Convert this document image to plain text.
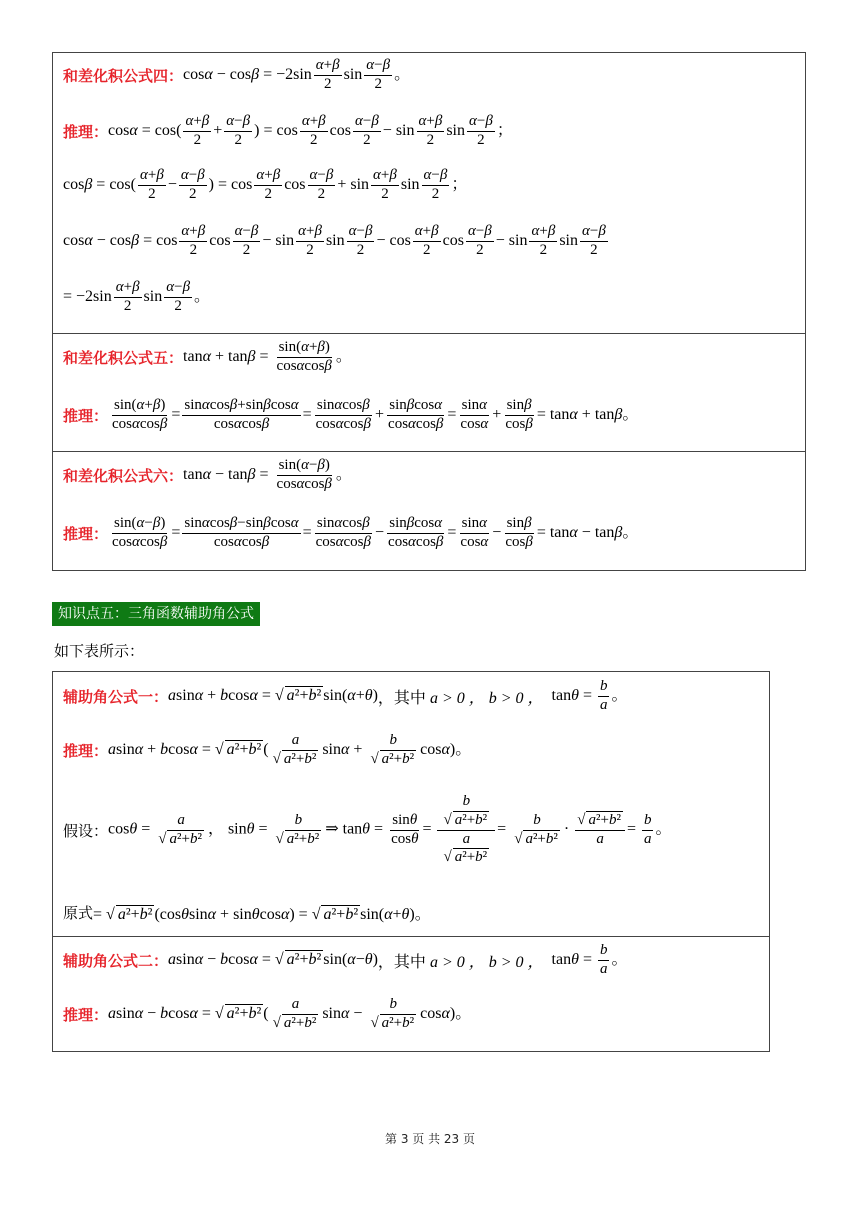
和差化积公式四： $\cos\alpha - \cos\beta = -2\sin \frac{\alpha+\beta}{2}$ $\sin \frac{\alpha-\beta}{2}$ 。
推理： $\cos\alpha = \cos( \frac{\alpha+\beta}{2} + \frac{\alpha-\beta}{2}$ ) = $\cos \frac{\alpha+\beta}{2}$ $\cos \frac{\alpha-\beta}{2} - \sin \frac{\alpha+\beta}{2}$ $\sin \frac{\alpha-\beta}{2}$ ；
$\cos\beta = \cos( \frac{\alpha+\beta}{2} - \frac{\alpha-\beta}{2}$ ) = $\cos \frac{\alpha+\beta}{2}$ $\cos \frac{\alpha-\beta}{2} + \sin \frac{\alpha+\beta}{2}$ $\sin \frac{\alpha-\beta}{2}$ ；
$\cos\alpha - \cos\beta = \cos \frac{\alpha+\beta}{2}$ $\cos \frac{\alpha-\beta}{2} - \sin \frac{\alpha+\beta}{2}$ $\sin \frac{\alpha-\beta}{2} - \cos \frac{\alpha+\beta}{2}$ $\cos \frac{\alpha-\beta}{2} - \sin \frac{\alpha+\beta}{2}$ $\sin \frac{\alpha-\beta}{2}$
= $-2\sin \frac{\alpha+\beta}{2}$ $\sin \frac{\alpha-\beta}{2}$ 。
和差化积公式五： $\tan\alpha + \tan\beta = \frac{\sin(\alpha+\beta)}{\cos\alpha\cos\beta}$ 。
推理： $\frac{\sin(\alpha+\beta)}{\cos\alpha\cos\beta} = \frac{\sin\alpha\cos\beta+\sin\beta\cos\alpha}{\cos\alpha\cos\beta} = \frac{\sin\alpha\cos\beta}{\cos\alpha\cos\beta} + \frac{\sin\beta\cos\alpha}{\cos\alpha\cos\beta} = \frac{\sin\alpha}{\cos\alpha} + \frac{\sin\beta}{\cos\beta} = \tan\alpha + \tan\beta$。
和差化积公式六： $\tan\alpha - \tan\beta = \frac{\sin(\alpha-\beta)}{\cos\alpha\cos\beta}$ 。
推理： $\frac{\sin(\alpha-\beta)}{\cos\alpha\cos\beta} = \frac{\sin\alpha\cos\beta-\sin\beta\cos\alpha}{\cos\alpha\cos\beta} = \frac{\sin\alpha\cos\beta}{\cos\alpha\cos\beta} - \frac{\sin\beta\cos\alpha}{\cos\alpha\cos\beta} = \frac{\sin\alpha}{\cos\alpha} - \frac{\sin\beta}{\cos\beta} = \tan\alpha - \tan\beta$。
知识点五：三角函数辅助角公式
如下表所示：
辅助角公式一： asinα + bcosα = √ a²+b² sin(α+θ) ，其中 a > 0 ， b > 0 ， $\tan\theta = \frac{b}{a}$ 。
推理： asinα + bcosα = √ a²+b² ( $\frac{a}{\text{√ a²+b²}}$ $\sin\alpha + \frac{b}{\text{√ a²+b²}} \cos\alpha$)。
假设： $\cos\theta = \frac{a}{\text{√ a²+b²}}$ ， $\sin\theta = \frac{b}{\text{√ a²+b²}}$ ⇒ $\tan\theta = \frac{\sin\theta}{\cos\theta} = \frac{\frac{b}{\text{√ a²+b²}}}{\frac{a}{\text{√ a²+b²}}} = \frac{b}{\text{√ a²+b²}} \cdot \frac{\text{√ a²+b²}}{a} = \frac{b}{a}$ 。
原式 = √ a²+b² (cosθsinα + sinθcosα) = √ a²+b² sin(α+θ)。
辅助角公式二： asinα − bcosα = √ a²+b² sin(α−θ) ，其中 a > 0 ， b > 0 ， $\tan\theta = \frac{b}{a}$ 。
推理： asinα − bcosα = √ a²+b² ( $\frac{a}{\text{√ a²+b²}}$ $\sin\alpha - \frac{b}{\text{√ a²+b²}} \cos\alpha$)。
第 3 页 共 23 页
